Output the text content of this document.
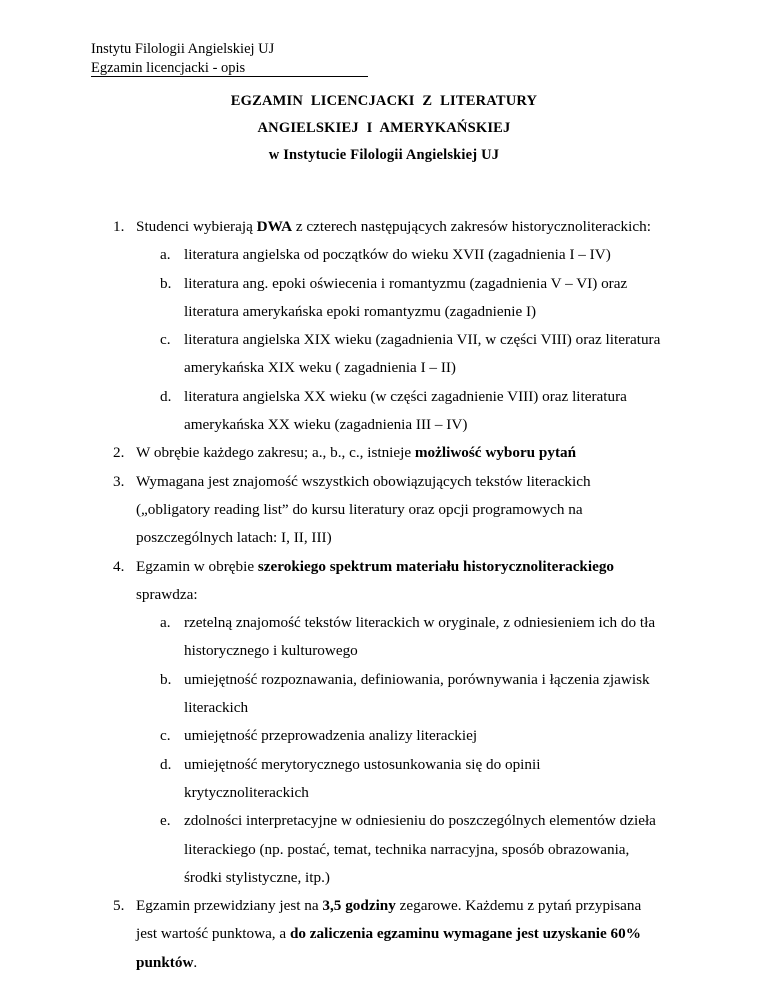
Instytu Filologii Angielskiej UJ
Egzamin licencjacki - opis
EGZAMIN LICENCJACKI Z LITERATURY
ANGIELSKIEJ I AMERYKAŃSKIEJ
w Instytucie Filologii Angielskiej UJ
1. Studenci wybierają DWA z czterech następujących zakresów historycznoliterackich:
a. literatura angielska od początków do wieku XVII (zagadnienia I – IV)
b. literatura ang. epoki oświecenia i romantyzmu (zagadnienia V – VI) oraz
literatura amerykańska epoki romantyzmu (zagadnienie I)
c. literatura angielska XIX wieku (zagadnienia VII, w części VIII) oraz literatura
amerykańska XIX weku ( zagadnienia I – II)
d. literatura angielska XX wieku (w części zagadnienie VIII) oraz literatura
amerykańska XX wieku (zagadnienia III – IV)
2. W obrębie każdego zakresu; a., b., c., istnieje możliwość wyboru pytań
3. Wymagana jest znajomość wszystkich obowiązujących tekstów literackich
(„obligatory reading list” do kursu literatury oraz opcji programowych na
poszczególnych latach: I, II, III)
4. Egzamin w obrębie szerokiego spektrum materiału historycznoliterackiego
sprawdza:
a. rzetelną znajomość tekstów literackich w oryginale, z odniesieniem ich do tła
historycznego i kulturowego
b. umiejętność rozpoznawania, definiowania, porównywania i łączenia zjawisk
literackich
c. umiejętność przeprowadzenia analizy literackiej
d. umiejętność merytorycznego ustosunkowania się do opinii
krytycznoliterackich
e. zdolności interpretacyjne w odniesieniu do poszczególnych elementów dzieła
literackiego (np. postać, temat, technika narracyjna, sposób obrazowania,
środki stylistyczne, itp.)
5. Egzamin przewidziany jest na 3,5 godziny zegarowe. Każdemu z pytań przypisana
jest wartość punktowa, a do zaliczenia egzaminu wymagane jest uzyskanie 60%
punktów.
